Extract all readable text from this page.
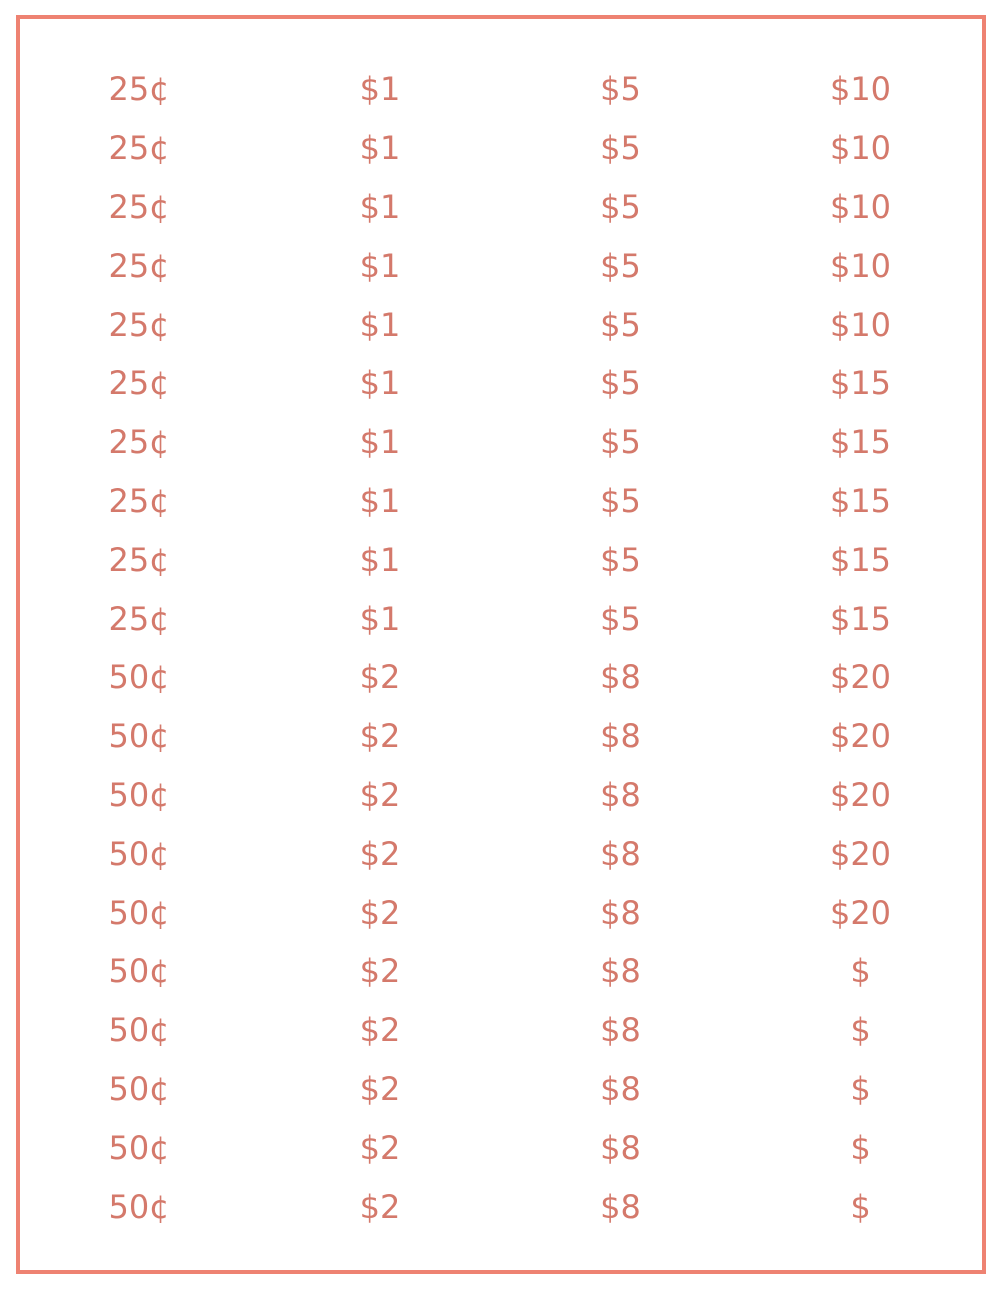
25¢	$1	$5	$10
25¢	$1	$5	$10
25¢	$1	$5	$10
25¢	$1	$5	$10
25¢	$1	$5	$10
25¢	$1	$5	$15
25¢	$1	$5	$15
25¢	$1	$5	$15
25¢	$1	$5	$15
25¢	$1	$5	$15
50¢	$2	$8	$20
50¢	$2	$8	$20
50¢	$2	$8	$20
50¢	$2	$8	$20
50¢	$2	$8	$20
50¢	$2	$8	$
50¢	$2	$8	$
50¢	$2	$8	$
50¢	$2	$8	$
50¢	$2	$8	$
